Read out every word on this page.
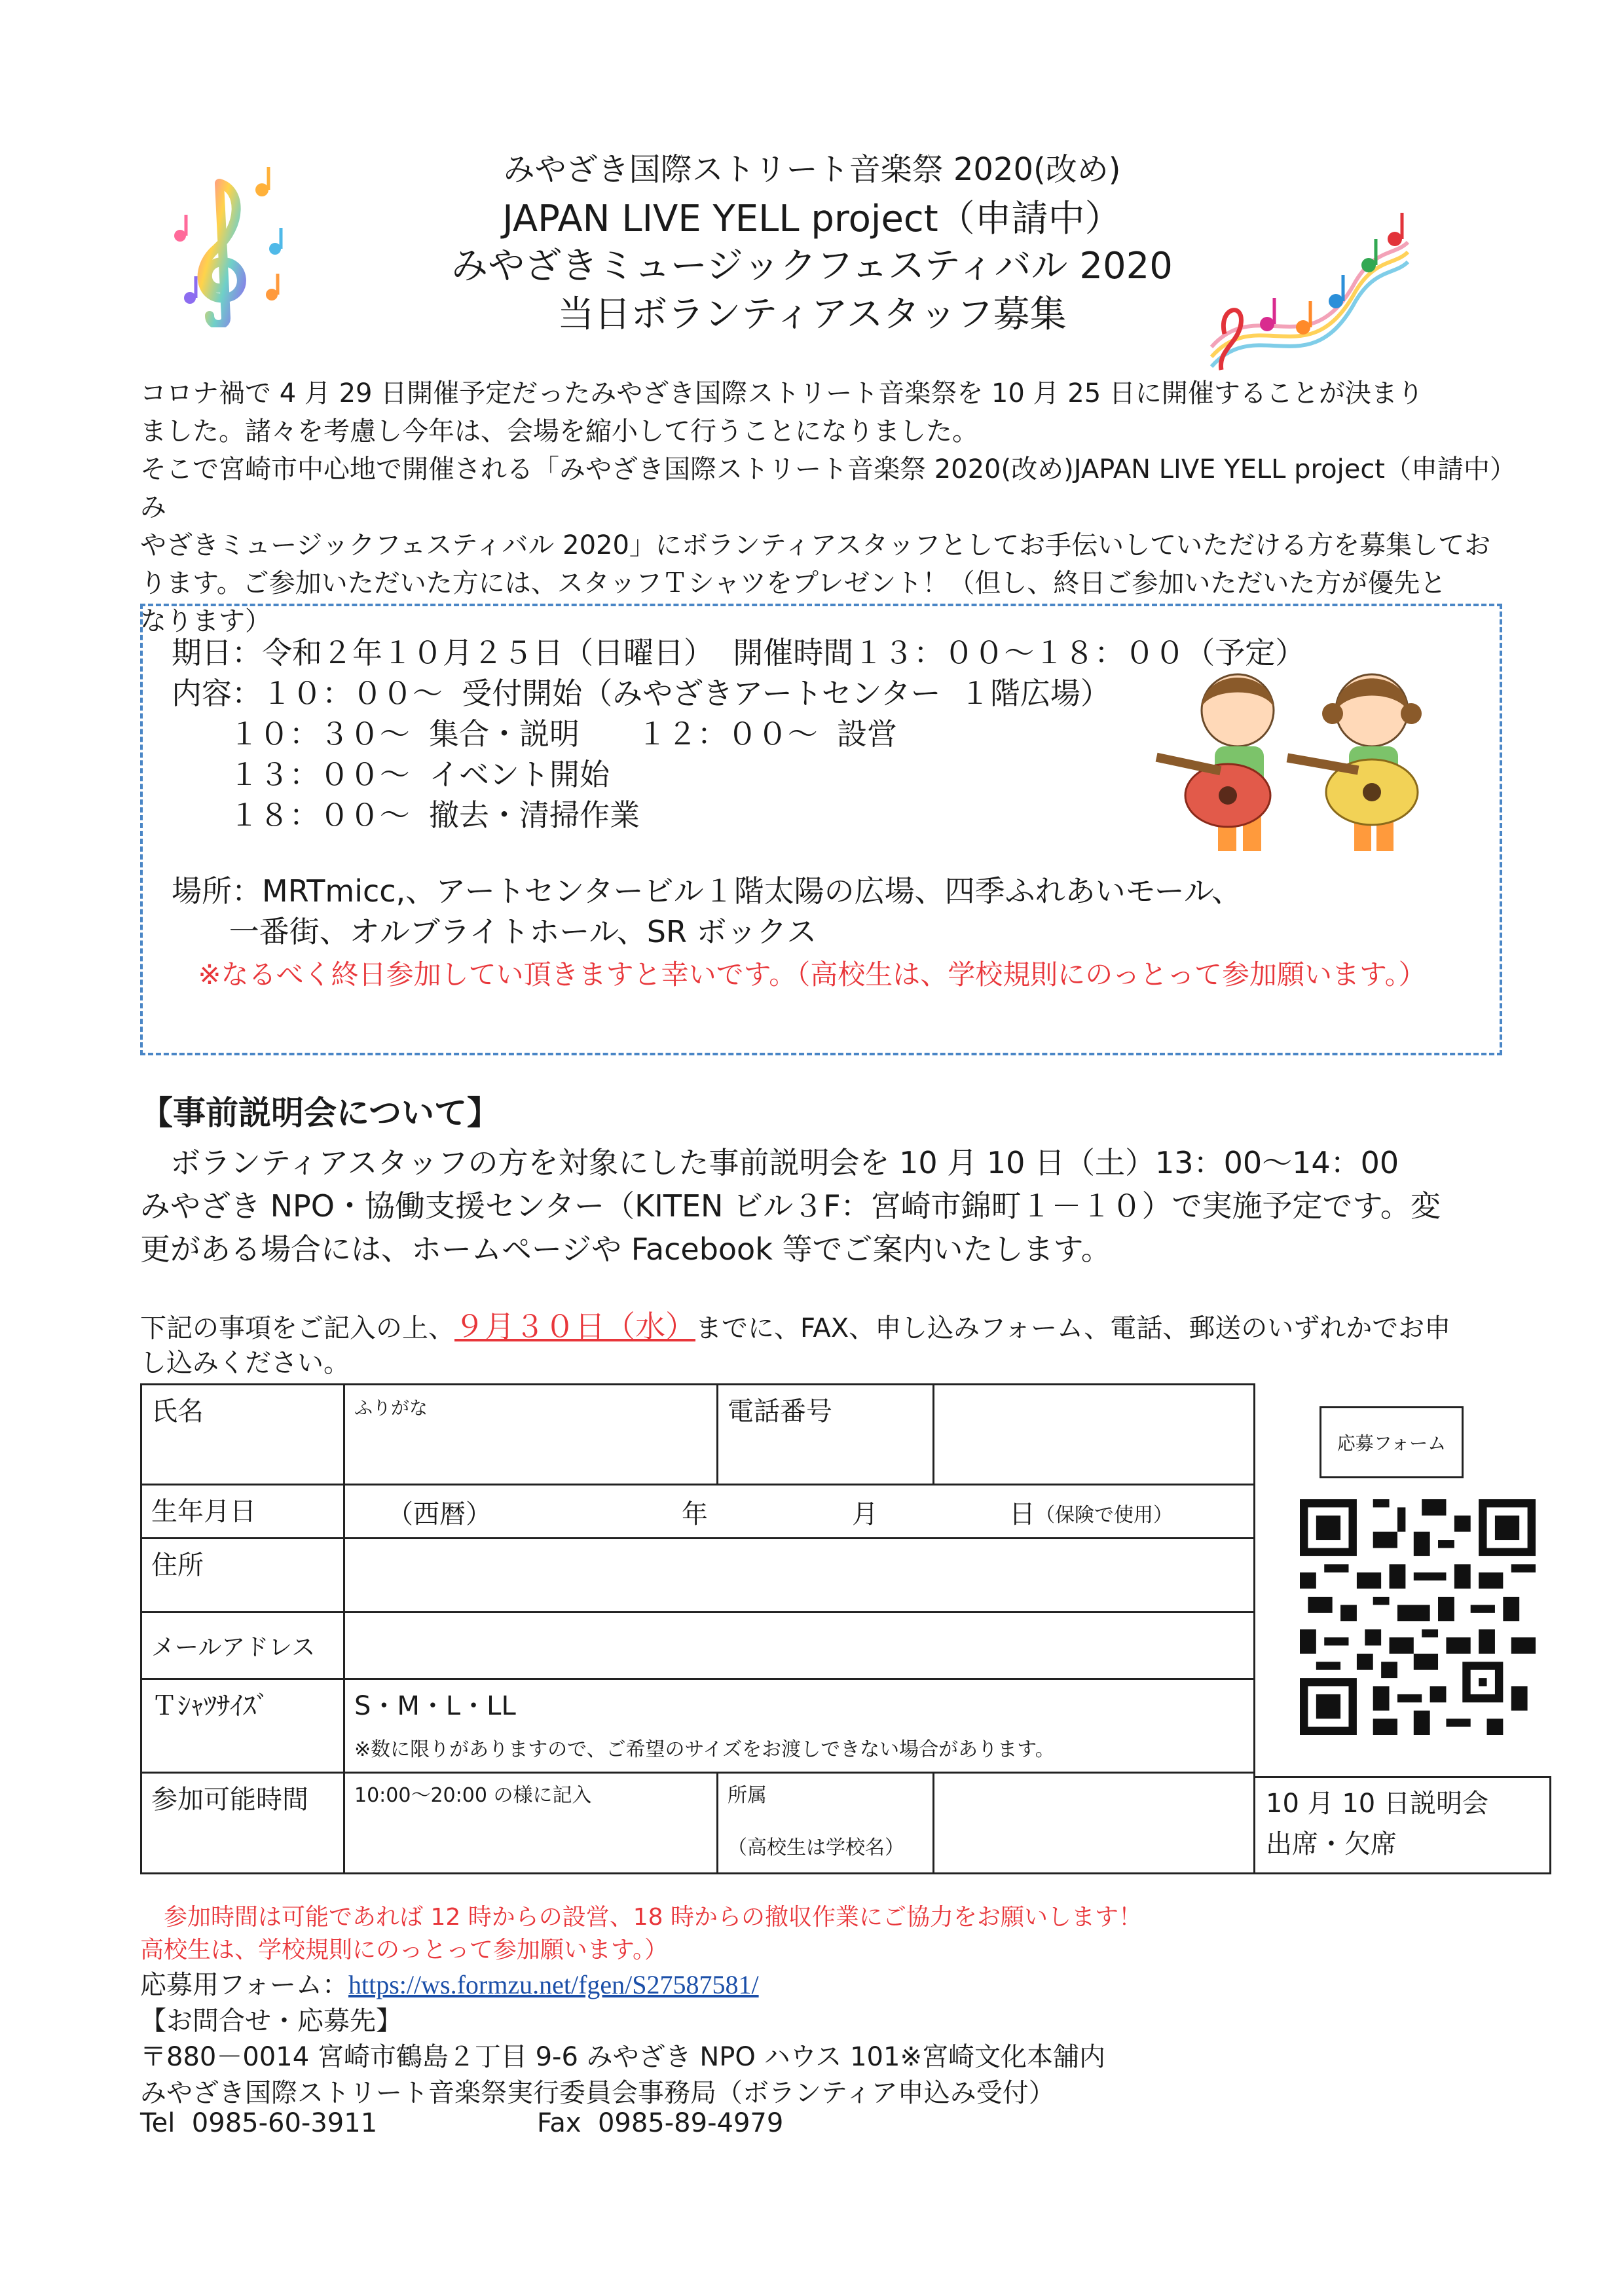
みやざき国際ストリート音楽祭 2020(改め)
JAPAN LIVE YELL project（申請中）
みやざきミュージックフェスティバル 2020
当日ボランティアスタッフ募集
コロナ禍で 4 月 29 日開催予定だったみやざき国際ストリート音楽祭を 10 月 25 日に開催することが決まり
ました。諸々を考慮し今年は、会場を縮小して行うことになりました。
そこで宮崎市中心地で開催される「みやざき国際ストリート音楽祭 2020(改め)JAPAN LIVE YELL project（申請中） み
やざきミュージックフェスティバル 2020」にボランティアスタッフとしてお手伝いしていただける方を募集してお
ります。ご参加いただいた方には、スタッフＴシャツをプレゼント！（但し、終日ご参加いただいた方が優先と
なります）
期日：令和２年１０月２５日（日曜日）  開催時間１３：００～１８：００（予定）
内容：１０：００～  受付開始（みやざきアートセンター  １階広場）
１０：３０～  集合・説明      １２：００～  設営
１３：００～  イベント開始
１８：００～  撤去・清掃作業
場所：MRTmicc,、アートセンタービル１階太陽の広場、四季ふれあいモール、
一番街、オルブライトホール、SR ボックス
※なるべく終日参加してい頂きますと幸いです。（高校生は、学校規則にのっとって参加願います。）
【事前説明会について】
ボランティアスタッフの方を対象にした事前説明会を 10 月 10 日（土）13：00～14：00
みやざき NPO・協働支援センター（KITEN ビル３F：宮崎市錦町１－１０）で実施予定です。変
更がある場合には、ホームページや Facebook 等でご案内いたします。
下記の事項をご記入の上、９月３０日（水）までに、FAX、申し込みフォーム、電話、郵送のいずれかでお申
し込みください。
氏名	ふりがな	電話番号	
生年月日	（西暦） 年 月 日 （保険で使用）		

住所			
メールアドレス			
Ｔｼｬﾂｻｲｽﾞ	S・M・L・LL
※数に限りがありますので、ご希望のサイズをお渡しできない場合があります。		

参加可能時間	10:00～20:00 の様に記入	所属
（高校生は学校名）	

10 月 10 日説明会
出席・欠席
応募フォーム
参加時間は可能であれば 12 時からの設営、18 時からの撤収作業にご協力をお願いします！
高校生は、学校規則にのっとって参加願います。）
応募用フォーム：https://ws.formzu.net/fgen/S27587581/
【お問合せ・応募先】
〒880－0014 宮崎市鶴島２丁目 9-6 みやざき NPO ハウス 101※宮崎文化本舗内
みやざき国際ストリート音楽祭実行委員会事務局（ボランティア申込み受付）
Tel  0985-60-3911	Fax  0985-89-4979
